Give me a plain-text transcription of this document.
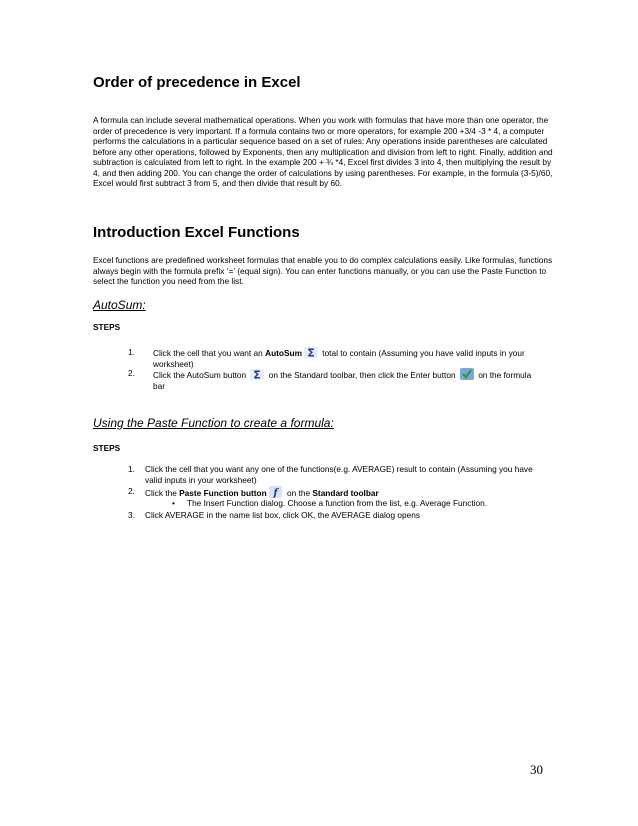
Order of precedence in Excel
A formula can include several mathematical operations. When you work with formulas that have more than one operator, the order of precedence is very important. If a formula contains two or more operators, for example 200 +3/4 -3 * 4, a computer performs the calculations in a particular sequence based on a set of rules: Any operations inside parentheses are calculated before any other operations, followed by Exponents, then any multiplication and division from left to right. Finally, addition and subtraction is calculated from left to right. In the example 200 + ¾ *4, Excel first divides 3 into 4, then multiplying the result by 4, and then adding 200. You can change the order of calculations by using parentheses. For example, in the formula (3-5)/60, Excel would first subtract 3 from 5, and then divide that result by 60.
Introduction Excel Functions
Excel functions are predefined worksheet formulas that enable you to do complex calculations easily. Like formulas, functions always begin with the formula prefix ‘=’ (equal sign). You can enter functions manually, or you can use the Paste Function to select the function you need from the list.
AutoSum:
STEPS
1. Click the cell that you want an AutoSum Σ total to contain (Assuming you have valid inputs in your worksheet)
2. Click the AutoSum button Σ on the Standard toolbar, then click the Enter button  on the formula bar
Using the Paste Function to create a formula:
STEPS
1. Click the cell that you want any one of the functions(e.g. AVERAGE) result to contain (Assuming you have valid inputs in your worksheet)
2. Click the Paste Function button f on the Standard toolbar
• The Insert Function dialog. Choose a function from the list, e.g. Average Function.
3. Click AVERAGE in the name list box, click OK, the AVERAGE dialog opens
30
